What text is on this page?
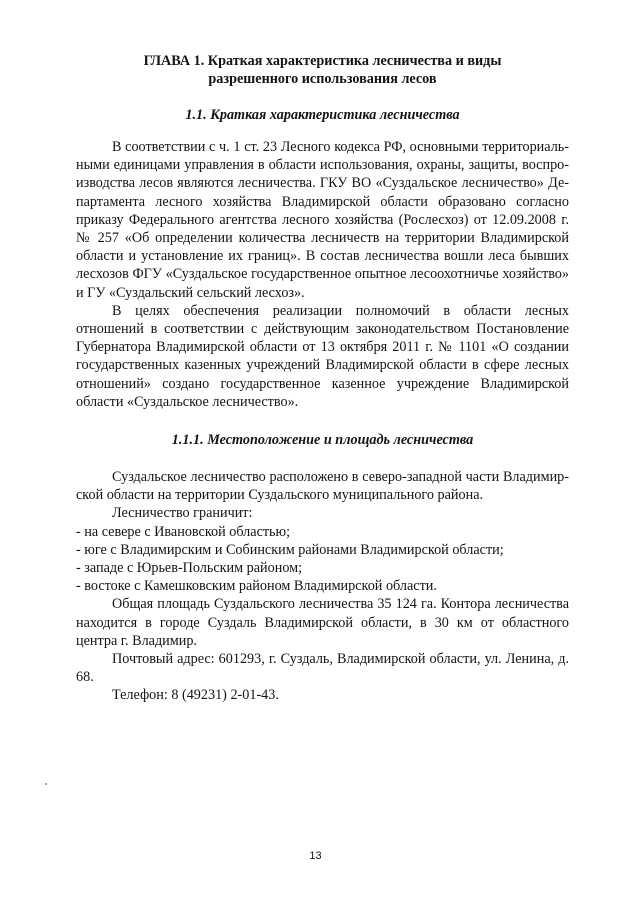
ГЛАВА 1. Краткая характеристика лесничества и виды
разрешенного использования лесов
1.1. Краткая характеристика лесничества

В соответствии с ч. 1 ст. 23 Лесного кодекса РФ, основными территориальными единицами управления в области использования, охраны, защиты, воспроизводства лесов являются лесничества. ГКУ ВО «Суздальское лесничество» Департамента лесного хозяйства Владимирской области образовано согласно приказу Федерального агентства лесного хозяйства (Рослесхоз) от 12.09.2008 г. № 257 «Об определении количества лесничеств на территории Владимирской области и установление их границ». В состав лесничества вошли леса бывших лесхозов ФГУ «Суздальское государственное опытное лесоохотничье хозяйство» и ГУ «Суздальский сельский лесхоз».

В целях обеспечения реализации полномочий в области лесных отношений в соответствии с действующим законодательством Постановление Губернатора Владимирской области от 13 октября 2011 г. № 1101 «О создании государственных казенных учреждений Владимирской области в сфере лесных отношений» создано государственное казенное учреждение Владимирской области «Суздальское лесничество».

1.1.1. Местоположение и площадь лесничества

Суздальское лесничество расположено в северо-западной части Владимирской области на территории Суздальского муниципального района.

Лесничество граничит:

- на севере с Ивановской областью;

- юге с Владимирским и Собинским районами Владимирской области;

- западе с Юрьев-Польским районом;

- востоке с Камешковским районом Владимирской области.

Общая площадь Суздальского лесничества 35 124 га. Контора лесничества находится в городе Суздаль Владимирской области, в 30 км от областного центра г. Владимир.

Почтовый адрес: 601293, г. Суздаль, Владимирской области, ул. Ленина, д. 68.

Телефон: 8 (49231) 2-01-43.

13
